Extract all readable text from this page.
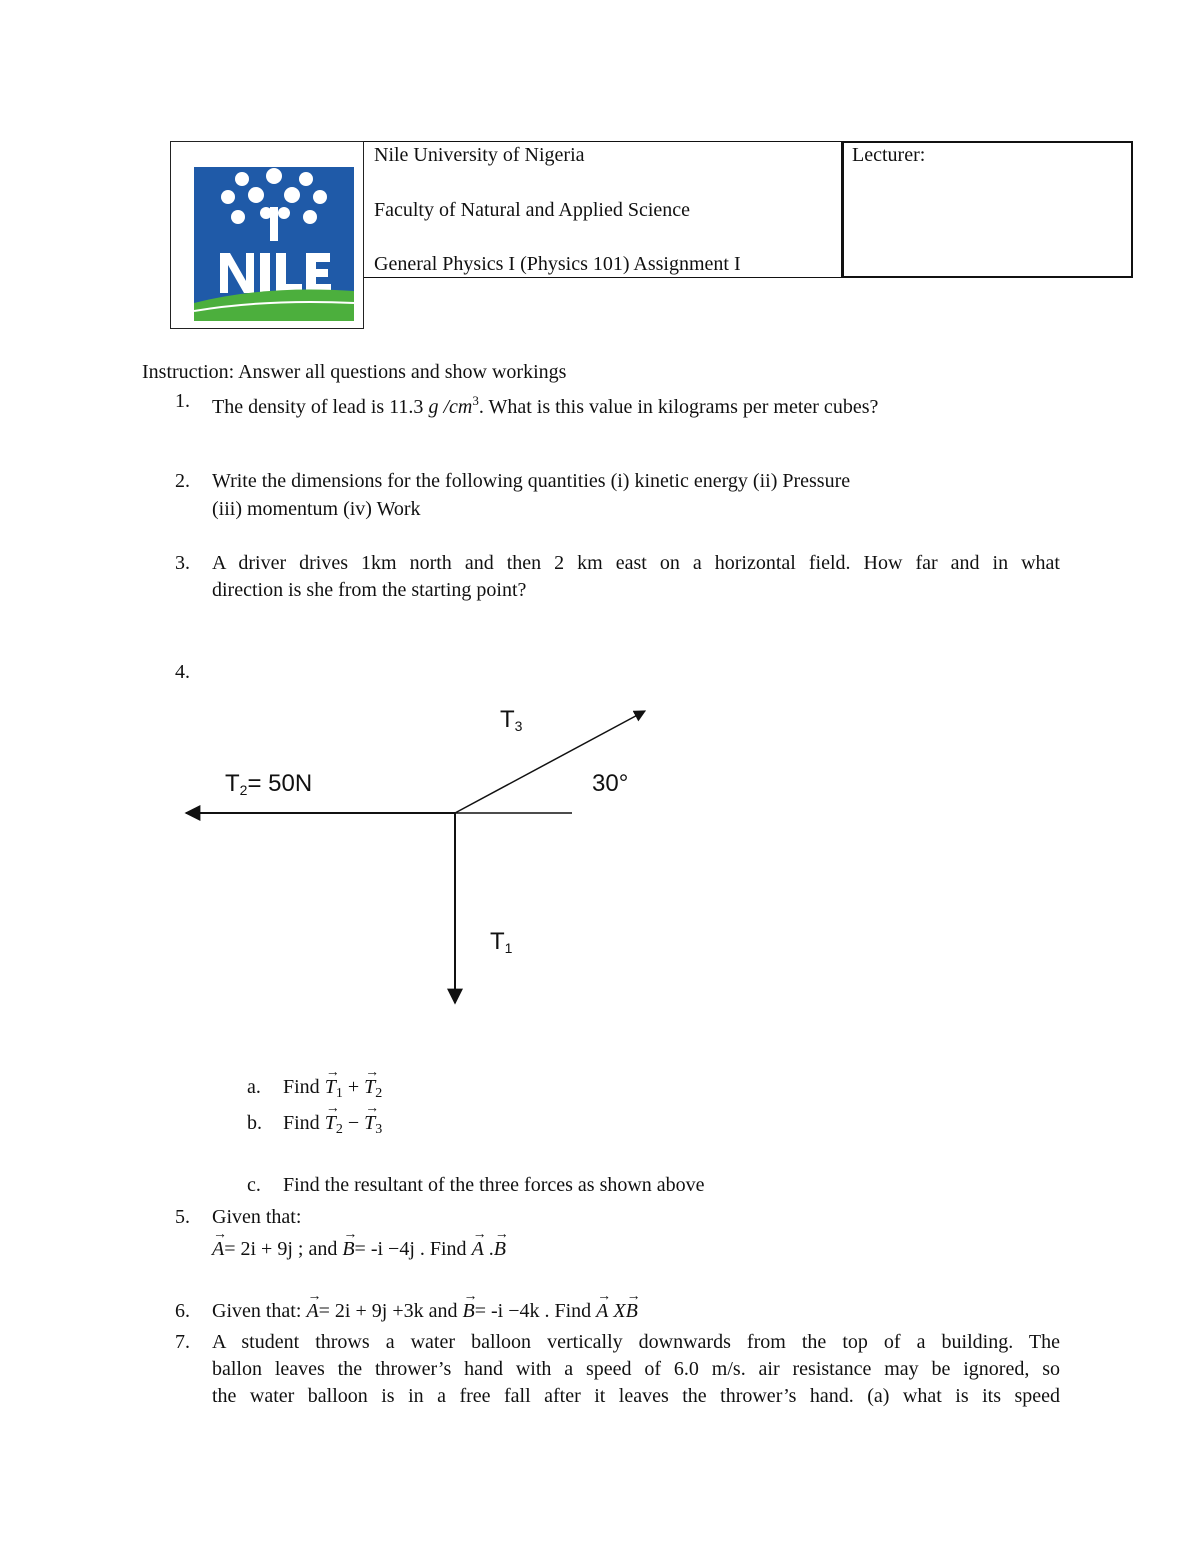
Nile University of Nigeria
Faculty of Natural and Applied Science
General Physics I (Physics 101) Assignment I
Lecturer:
Instruction: Answer all questions and show workings
1. The density of lead is 11.3 g $/cm^3$. What is this value in kilograms per meter cubes?
2. Write the dimensions for the following quantities (i) kinetic energy (ii) Pressure
(iii) momentum (iv) Work
3. A driver drives 1km north and then 2 km east on a horizontal field. How far and in what
direction is she from the starting point?
4.
$T_3$
$T_2= 50N$	30°
$T_1$
a. Find → $T_1$ + → $T_2$
b. Find → $T_2$ − → $T_3$
c. Find the resultant of the three forces as shown above
5. Given that:
→ A= 2i + 9j ; and → B= -i −4j . Find → A .→ B
6. Given that: → A= 2i + 9j +3k and → B= -i −4k . Find → A X→ B
7. A student throws a water balloon vertically downwards from the top of a building. The
ballon leaves the thrower’s hand with a speed of 6.0 m/s. air resistance may be ignored, so
the water balloon is in a free fall after it leaves the thrower’s hand. (a) what is its speed
